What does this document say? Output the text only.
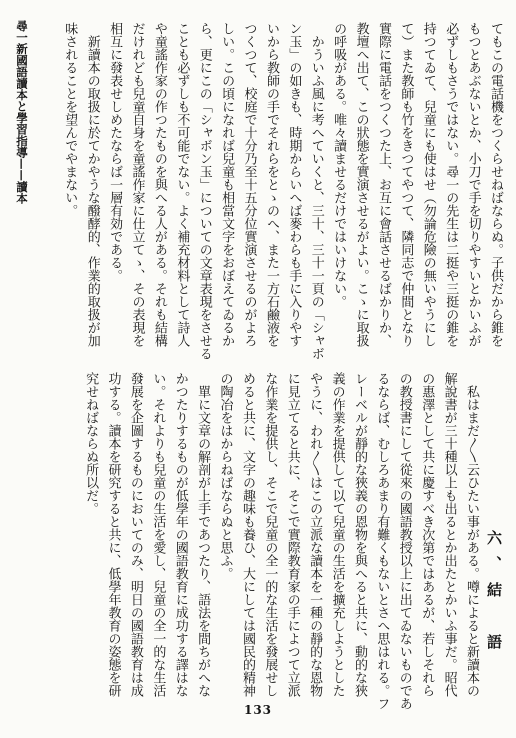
尋一新國語讀本と學習指導——讀本	てもこの電話機をつくらせねばならぬ。子供だから錐を
もつとあぶないとか、小刀で手を切りやすいとかいふが
必ずしもさうではない。尋一の先生は二挺や三挺の錐を
持つてゐて、兒童にも使はせ（勿論危險の無いやうにし
て）また教師も竹をきつてやつて、隣同志で仲間となり
實際に電話をつくつた上、お互に會話させるばかりか、
教壇へ出て、この狀態を實演させるがよい。こゝに取扱
の呼吸がある。唯々讀ませるだけではいけない。
　かういふ風に考へていくと、三十、三十一頁の「シャボ
ン玉」の如きも、時期からいへば麥わらも手に入りやす
いから教師の手でそれらをとゝのへ、また一方石鹼液を
つくつて、校庭で十分乃至十五分位實演させるのがよろ
しい。この頃になれば兒童も相當文字をおぼえてゐるか
ら、更にこの「シャボン玉」についての文章表現をさせる
ことも必ずしも不可能でない。よく補充材料として詩人
や童謠作家の作つたものを與へる人がある。それも結構
だけれども兒童自身を童謠作家に仕立てゝ、その表現を
相互に發表せしめたならば一層有効である。
　新讀本の取扱に於てかやうな醱酵的、作業的取扱が加
味されることを望んでやまない。
六、結　語
　私はまだ〳〵云ひたい事がある。噂によると新讀本の
解說書が三十種以上も出るとか出たとかいふ事だ。昭代
の惠澤として共に慶すべき次第ではあるが、若しそれら
の教授書にして從來の國語教授以上に出てゐないものであ
るならば、むしろあまり有難くもないとさへ思はれる。フ
レーベルが靜的な狹義の恩物を與へると共に、動的な狹
義の作業を提供して以て兒童の生活を擴充しようとした
やうに、われ〳〵はこの立派な讀本を一種の靜的な恩物
に見立てると共に、そこで實際教育家の手によつて立派
な作業を提供し、そこで兒童の全一的な生活を發展せし
めると共に、文字の趣味も養ひ、大にしては國民的精神
の陶冶をはからねばならぬと思ふ。
　單に文章の解剖が上手であつたり、語法を間ちがへな
かつたりするものが低學年の國語教育に成功する譯はな
い。それよりも兒童の生活を愛し、兒童の全一的な生活
發展を企圖するものにおいてのみ、明日の國語教育は成
功する。讀本を研究すると共に、低學年教育の姿態を研
究せねばならぬ所以だ。
133
